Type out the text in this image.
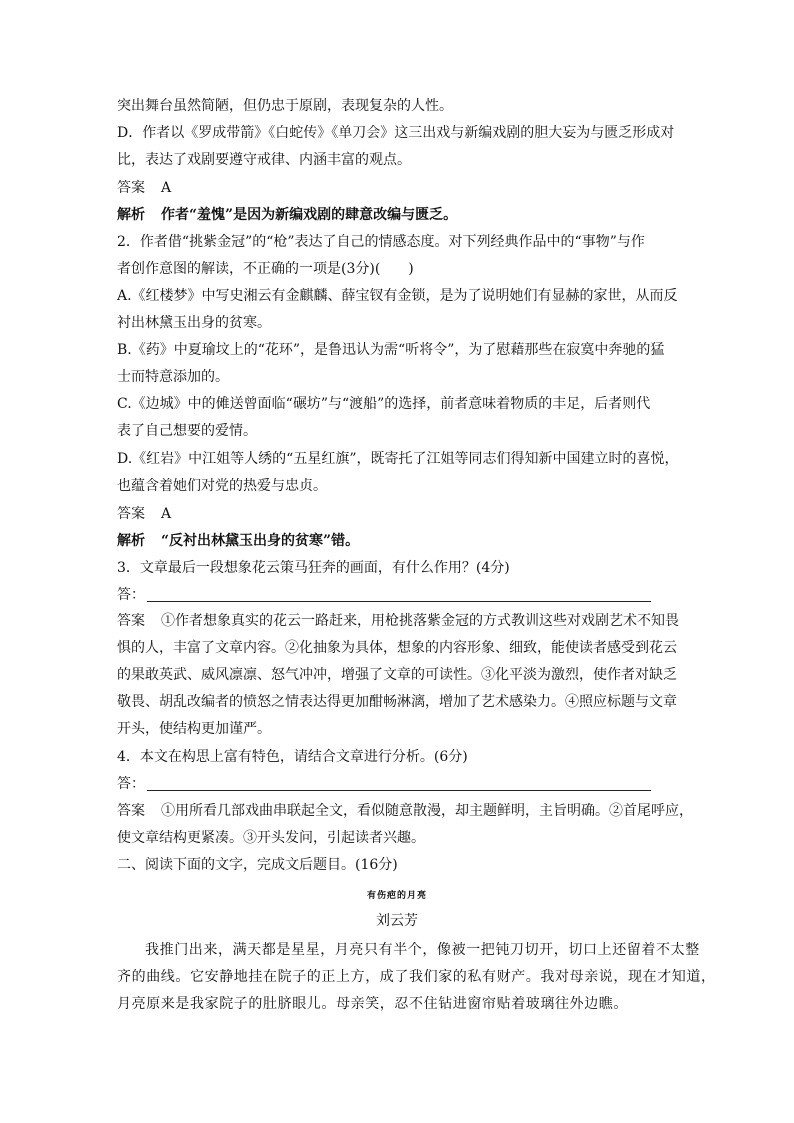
突出舞台虽然简陋，但仍忠于原剧，表现复杂的人性。
D．作者以《罗成带箭》《白蛇传》《单刀会》这三出戏与新编戏剧的胆大妄为与匮乏形成对
比，表达了戏剧要遵守戒律、内涵丰富的观点。
答案 A
解析 作者“羞愧”是因为新编戏剧的肆意改编与匮乏。
2．作者借“挑紫金冠”的“枪”表达了自己的情感态度。对下列经典作品中的“事物”与作
者创作意图的解读，不正确的一项是(3分)(　　)
A.《红楼梦》中写史湘云有金麒麟、薛宝钗有金锁，是为了说明她们有显赫的家世，从而反
衬出林黛玉出身的贫寒。
B.《药》中夏瑜坟上的“花环”，是鲁迅认为需“听将令”，为了慰藉那些在寂寞中奔驰的猛
士而特意添加的。
C.《边城》中的傩送曾面临“碾坊”与“渡船”的选择，前者意味着物质的丰足，后者则代
表了自己想要的爱情。
D.《红岩》中江姐等人绣的“五星红旗”，既寄托了江姐等同志们得知新中国建立时的喜悦，
也蕴含着她们对党的热爱与忠贞。
答案 A
解析 “反衬出林黛玉出身的贫寒”错。
3．文章最后一段想象花云策马狂奔的画面，有什么作用？(4分)
答：
答案 ①作者想象真实的花云一路赶来，用枪挑落紫金冠的方式教训这些对戏剧艺术不知畏
惧的人，丰富了文章内容。②化抽象为具体，想象的内容形象、细致，能使读者感受到花云
的果敢英武、威风凛凛、怒气冲冲，增强了文章的可读性。③化平淡为激烈，使作者对缺乏
敬畏、胡乱改编者的愤怒之情表达得更加酣畅淋漓，增加了艺术感染力。④照应标题与文章
开头，使结构更加谨严。
4．本文在构思上富有特色，请结合文章进行分析。(6分)
答：
答案 ①用所看几部戏曲串联起全文，看似随意散漫，却主题鲜明，主旨明确。②首尾呼应，
使文章结构更紧凑。③开头发问，引起读者兴趣。
二、阅读下面的文字，完成文后题目。(16分)
有伤疤的月亮
刘云芳
我推门出来，满天都是星星，月亮只有半个，像被一把钝刀切开，切口上还留着不太整
齐的曲线。它安静地挂在院子的正上方，成了我们家的私有财产。我对母亲说，现在才知道，
月亮原来是我家院子的肚脐眼儿。母亲笑，忍不住钻进窗帘贴着玻璃往外边瞧。
